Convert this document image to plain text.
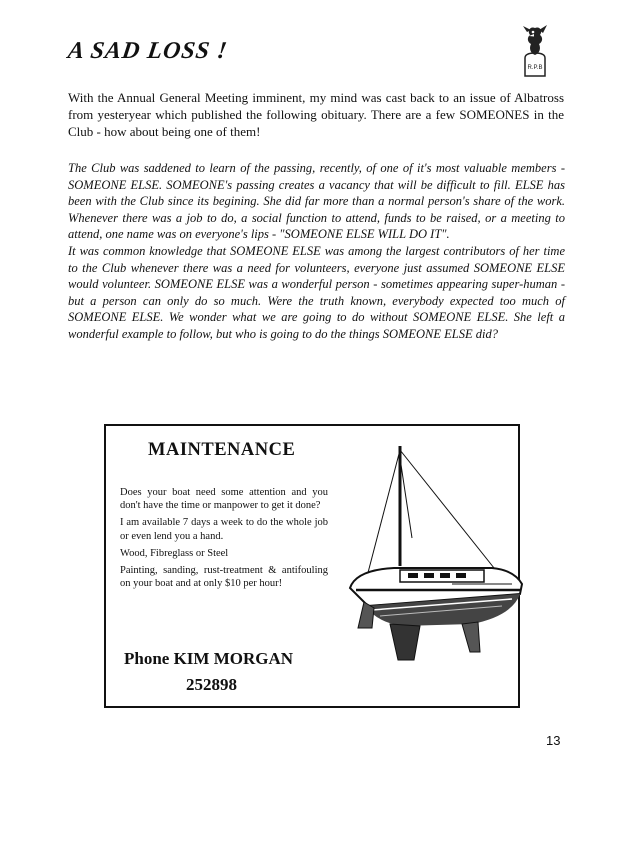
A SAD LOSS !
R.P.B

With the Annual General Meeting imminent, my mind was cast back to an issue of Albatross from yesteryear which published the following obituary. There are a few SOMEONES in the Club - how about being one of them!

The Club was saddened to learn of the passing, recently, of one of it's most valuable members - SOMEONE ELSE. SOMEONE's passing creates a vacancy that will be difficult to fill. ELSE has been with the Club since its begining. She did far more than a normal person's share of the work. Whenever there was a job to do, a social function to attend, funds to be raised, or a meeting to attend, one name was on everyone's lips - "SOMEONE ELSE WILL DO IT".

It was common knowledge that SOMEONE ELSE was among the largest contributors of her time to the Club whenever there was a need for volunteers, everyone just assumed SOMEONE ELSE would volunteer. SOMEONE ELSE was a wonderful person - sometimes appearing super-human - but a person can only do so much. Were the truth known, everybody expected too much of SOMEONE ELSE. We wonder what we are going to do without SOMEONE ELSE. She left a wonderful example to follow, but who is going to do the things SOMEONE ELSE did?

MAINTENANCE

Does your boat need some attention and you don't have the time or manpower to get it done?

I am available 7 days a week to do the whole job or even lend you a hand.

Wood, Fibreglass or Steel

Painting, sanding, rust-treatment & antifouling on your boat and at only $10 per hour!

Phone KIM MORGAN
252898
13
